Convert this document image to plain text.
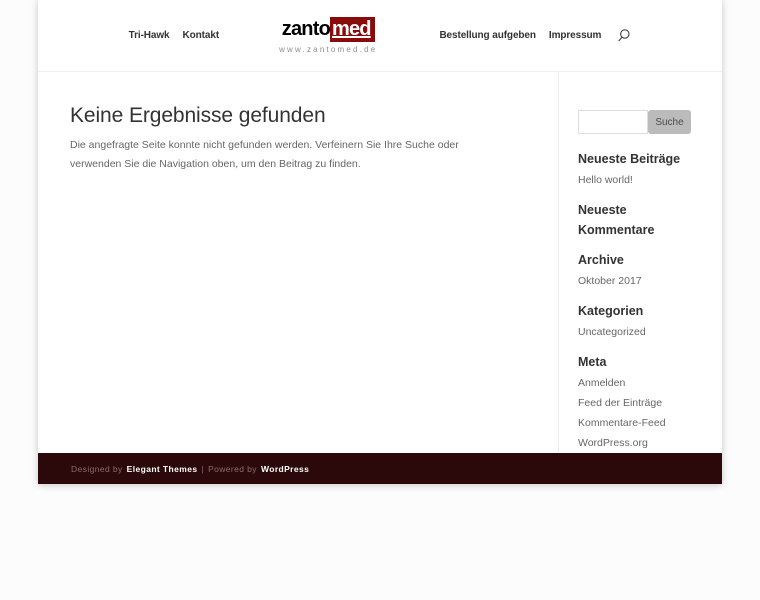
Tri-Hawk Kontakt	zanto med
www.zantomed.de
Bestellung aufgeben Impressum
Keine Ergebnisse gefunden

Die angefragte Seite konnte nicht gefunden werden. Verfeinern Sie Ihre Suche oder verwenden Sie die Navigation oben, um den Beitrag zu finden.

Suche
Neueste Beiträge
Hello world!
Neueste Kommentare
Archive
Oktober 2017
Kategorien
Uncategorized
Meta
Anmelden
Feed der Einträge
Kommentare-Feed
WordPress.org
Designed by Elegant Themes | Powered by WordPress
